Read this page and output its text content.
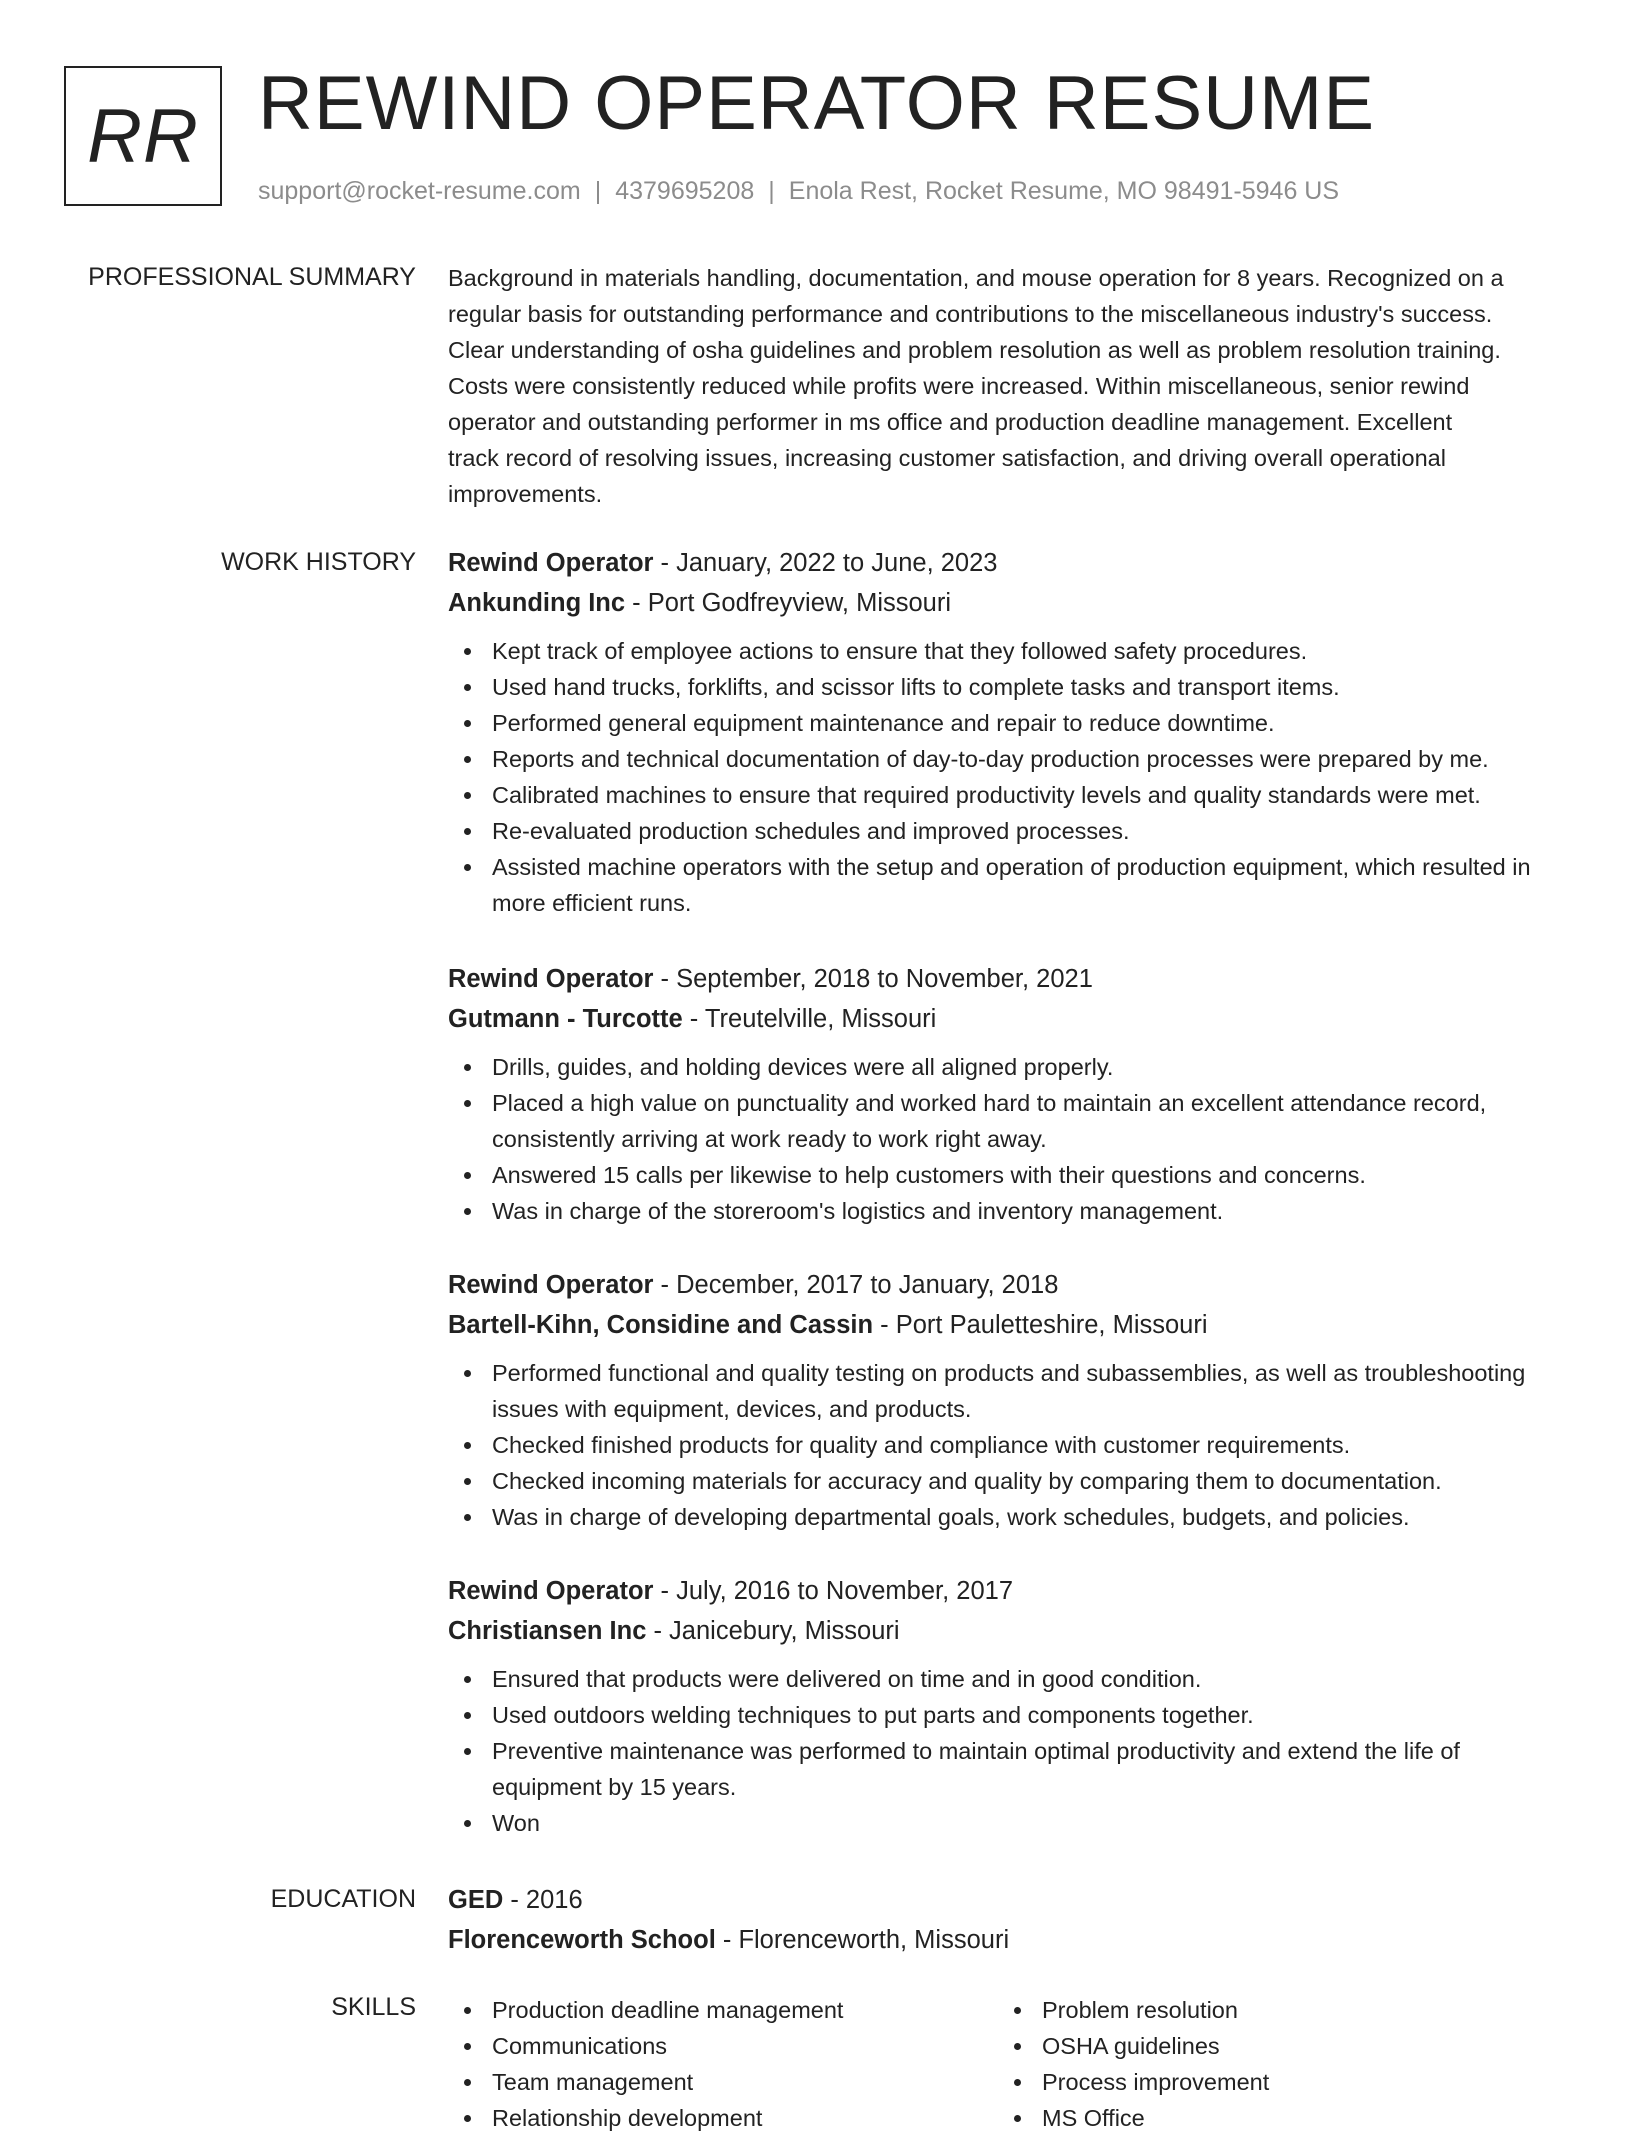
RR REWIND OPERATOR RESUME
support@rocket-resume.com | 4379695208 | Enola Rest, Rocket Resume, MO 98491-5946 US
PROFESSIONAL SUMMARY Background in materials handling, documentation, and mouse operation for 8 years. Recognized on a
regular basis for outstanding performance and contributions to the miscellaneous industry's success.
Clear understanding of osha guidelines and problem resolution as well as problem resolution training.
Costs were consistently reduced while profits were increased. Within miscellaneous, senior rewind
operator and outstanding performer in ms office and production deadline management. Excellent
track record of resolving issues, increasing customer satisfaction, and driving overall operational
improvements.

WORK HISTORY Rewind Operator - January, 2022 to June, 2023
Ankunding Inc - Port Godfreyview, Missouri
Kept track of employee actions to ensure that they followed safety procedures.
Used hand trucks, forklifts, and scissor lifts to complete tasks and transport items.
Performed general equipment maintenance and repair to reduce downtime.
Reports and technical documentation of day-to-day production processes were prepared by me.
Calibrated machines to ensure that required productivity levels and quality standards were met.
Re-evaluated production schedules and improved processes.
Assisted machine operators with the setup and operation of production equipment, which resulted in more efficient runs.
Rewind Operator - September, 2018 to November, 2021
Gutmann - Turcotte - Treutelville, Missouri
Drills, guides, and holding devices were all aligned properly.
Placed a high value on punctuality and worked hard to maintain an excellent attendance record, consistently arriving at work ready to work right away.
Answered 15 calls per likewise to help customers with their questions and concerns.
Was in charge of the storeroom's logistics and inventory management.
Rewind Operator - December, 2017 to January, 2018
Bartell-Kihn, Considine and Cassin - Port Pauletteshire, Missouri
Performed functional and quality testing on products and subassemblies, as well as troubleshooting issues with equipment, devices, and products.
Checked finished products for quality and compliance with customer requirements.
Checked incoming materials for accuracy and quality by comparing them to documentation.
Was in charge of developing departmental goals, work schedules, budgets, and policies.
Rewind Operator - July, 2016 to November, 2017
Christiansen Inc - Janicebury, Missouri
Ensured that products were delivered on time and in good condition.
Used outdoors welding techniques to put parts and components together.
Preventive maintenance was performed to maintain optimal productivity and extend the life of equipment by 15 years.
Won
EDUCATION GED - 2016
Florenceworth School - Florenceworth, Missouri
SKILLS	Production deadline management
Communications
Team management
Relationship development
Problem resolution
OSHA guidelines
Process improvement
MS Office
